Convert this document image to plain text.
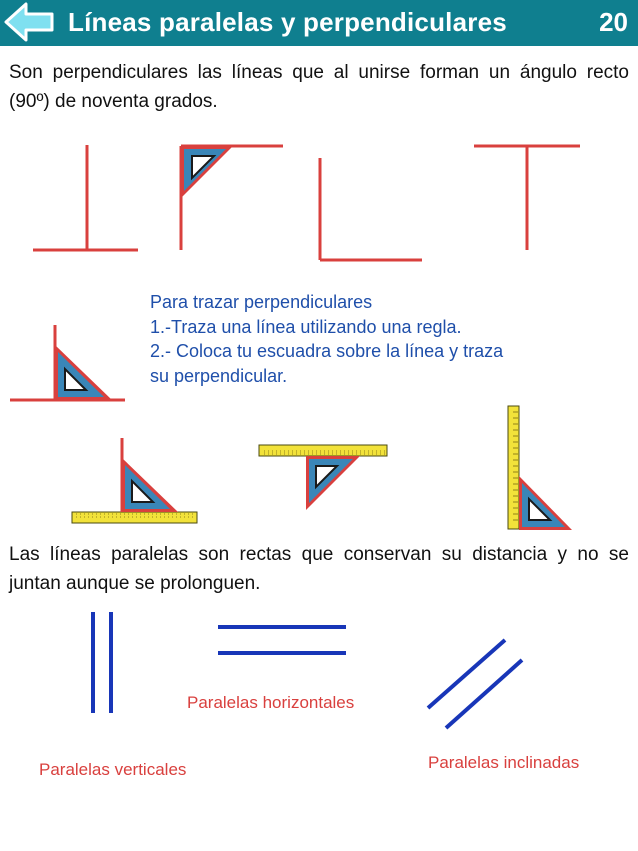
Líneas paralelas y perpendiculares	20
Son perpendiculares las líneas que al unirse forman un ángulo recto (90º) de noventa grados.
Para trazar perpendiculares
1.-Traza una línea utilizando una regla.
2.- Coloca tu escuadra sobre la línea y traza
su perpendicular.
Las líneas paralelas son rectas que conservan su distancia y no se juntan aunque se prolonguen.
Paralelas horizontales
Paralelas verticales	Paralelas inclinadas
